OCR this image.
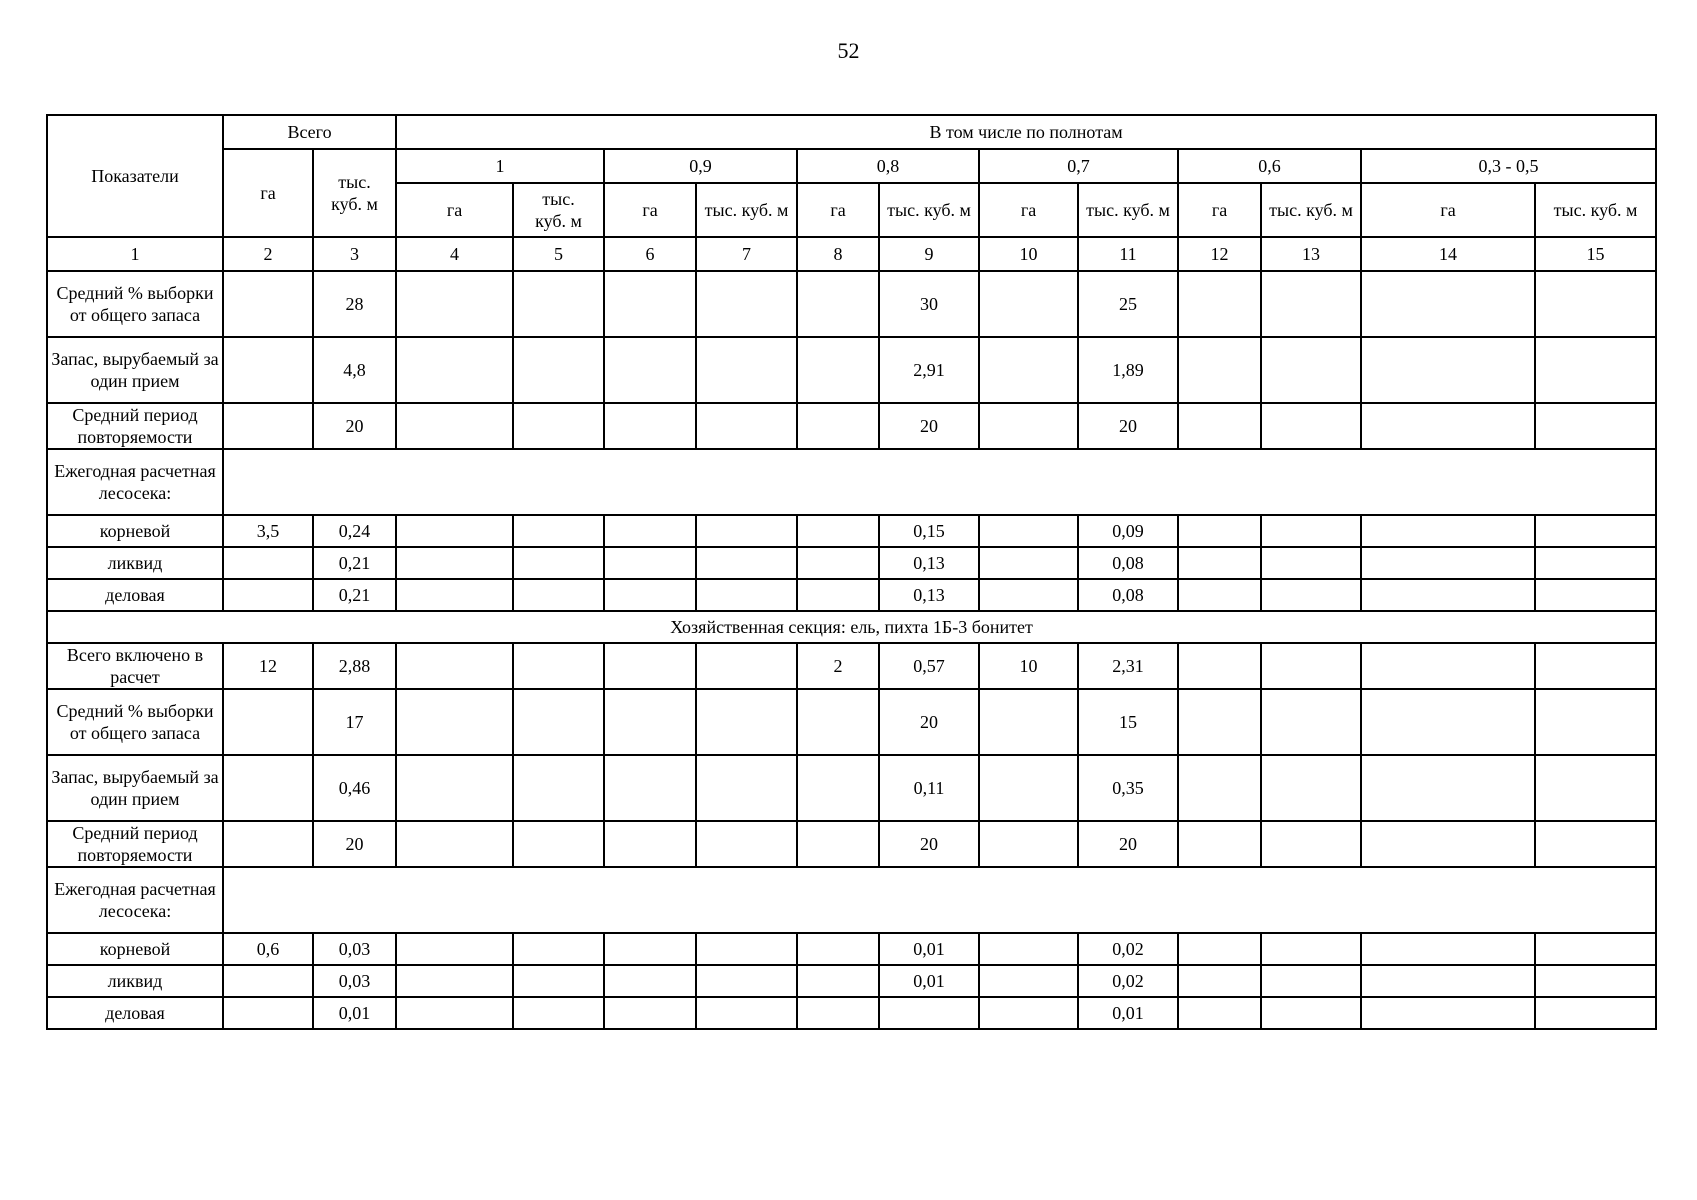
52
Показатели	Всего		В том числе по полнотам											
	га	тыс. куб. м	1		0,9		0,8		0,7		0,6		0,3 - 0,5	
			га	тыс. куб. м	га	тыс. куб. м	га	тыс. куб. м	га	тыс. куб. м	га	тыс. куб. м	га	тыс. куб. м
1	2	3	4	5	6	7	8	9	10	11	12	13	14	15
Средний % выборки от общего запаса		28						30		25				
Запас, вырубаемый за один прием		4,8						2,91		1,89				
Средний период повторяемости		20						20		20				
Ежегодная расчетная лесосека:														
корневой	3,5	0,24						0,15		0,09				
ликвид		0,21						0,13		0,08				
деловая		0,21						0,13		0,08				
Хозяйственная секция: ель, пихта 1Б-3 бонитет														
Всего включено в расчет	12	2,88					2	0,57	10	2,31				
Средний % выборки от общего запаса		17						20		15				
Запас, вырубаемый за один прием		0,46						0,11		0,35				
Средний период повторяемости		20						20		20				
Ежегодная расчетная лесосека:														
корневой	0,6	0,03						0,01		0,02				
ликвид		0,03						0,01		0,02				
деловая		0,01								0,01				
